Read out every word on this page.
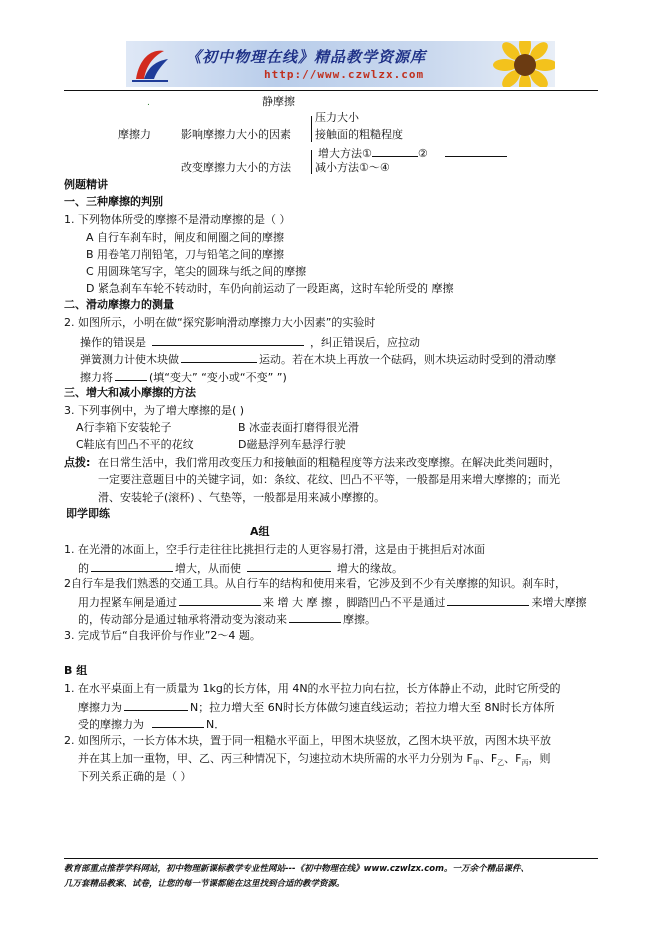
《初中物理在线》精品教学资源库
http://www.czwlzx.com
.	静摩擦
摩擦力	影响摩擦力大小的因素
压力大小
接触面的粗糙程度
改变摩擦力大小的方法
增大方法①	②
减小方法①～④
例题精讲
一、三种摩擦的判别
1. 下列物体所受的摩擦不是滑动摩擦的是（ ）
A 自行车刹车时，闸皮和闸圈之间的摩擦
B 用卷笔刀削铅笔，刀与铅笔之间的摩擦
C 用圆珠笔写字，笔尖的圆珠与纸之间的摩擦
D 紧急刹车车轮不转动时，车仍向前运动了一段距离，这时车轮所受的 摩擦
二、滑动摩擦力的测量
2. 如图所示，小明在做“探究影响滑动摩擦力大小因素”的实验时
操作的错误是	，纠正错误后，应拉动
弹簧测力计使木块做	运动。若在木块上再放一个砝码，则木块运动时受到的滑动摩
擦力将	(填“变大” “变小或“不变” ”)
三、增大和减小摩擦的方法
3. 下列事例中，为了增大摩擦的是( )
A行李箱下安装轮子	B 冰壶表面打磨得很光滑
C鞋底有凹凸不平的花纹	D磁悬浮列车悬浮行驶
点拨: 在日常生活中，我们常用改变压力和接触面的粗糙程度等方法来改变摩擦。在解决此类问题时，
一定要注意题目中的关键字词，如：条纹、花纹、凹凸不平等，一般都是用来增大摩擦的；而光
滑、安装轮子(滚杯) 、气垫等，一般都是用来减小摩擦的。
即学即练
A组
1. 在光滑的冰面上，空手行走往往比挑担行走的人更容易打滑，这是由于挑担后对冰面
的	增大，从而使	增大的缘故。
2自行车是我们熟悉的交通工具。从自行车的结构和使用来看，它涉及到不少有关摩擦的知识。刹车时，
用力捏紧车闸是通过	来 增 大 摩 擦 ，脚踏凹凸不平是通过	来增大摩擦
的，传动部分是通过轴承将滑动变为滚动来	摩擦。
3. 完成节后“自我评价与作业”2～4 题。
B 组
1. 在水平桌面上有一质量为 1kg的长方体，用 4N的水平拉力向右拉，长方体静止不动，此时它所受的
摩擦力为	N；拉力增大至 6N时长方体做匀速直线运动；若拉力增大至 8N时长方体所
受的摩擦力为	N．
2. 如图所示，一长方体木块，置于同一粗糙水平面上，甲图木块竖放，乙图木块平放，丙图木块平放
并在其上加一重物，甲、乙、丙三种情况下，匀速拉动木块所需的水平力分别为 $F_甲$、$F_乙$、$F_丙$，则
下列关系正确的是（ ）
教育部重点推荐学科网站，初中物理新课标教学专业性网站---《初中物理在线》www.czwlzx.com。一万余个精品课件、
几万套精品教案、试卷，让您的每一节课都能在这里找到合适的教学资源。
